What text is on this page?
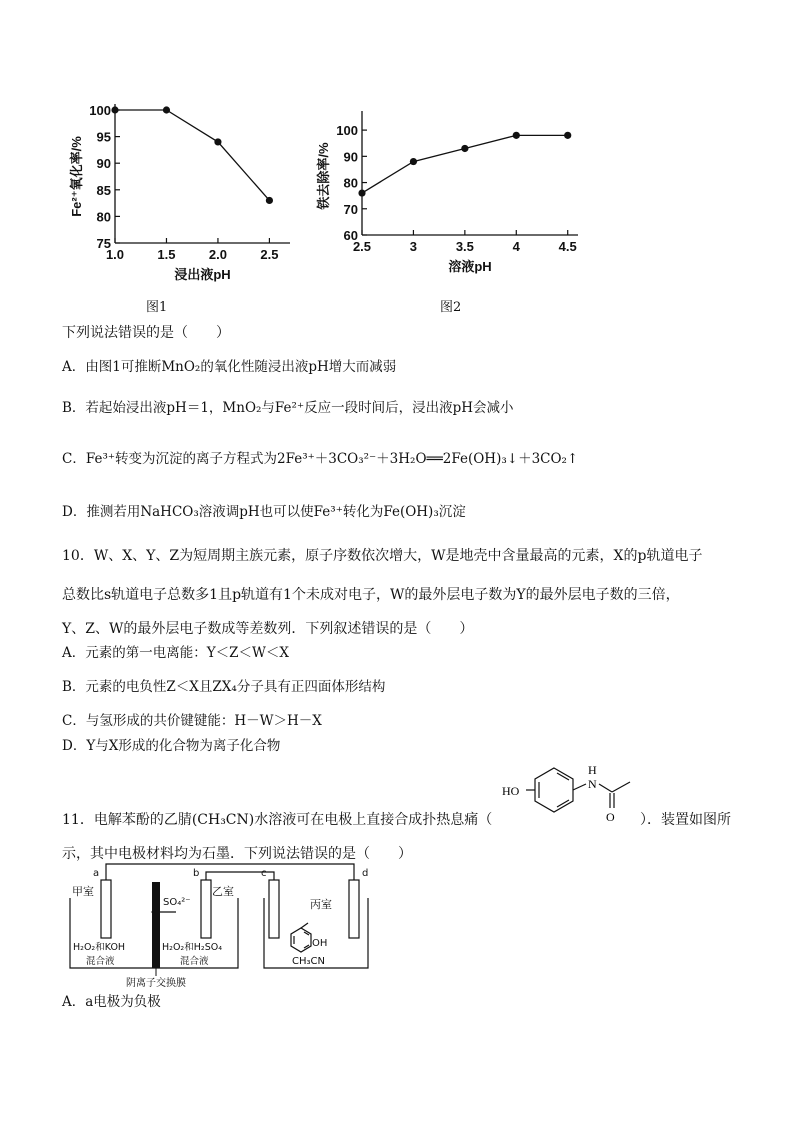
1.0	1.5	2.0	2.5
75
80
85
90
95
100
浸出液pH
Fe²⁺氧化率/%
2.5	3	3.5	4	4.5
60
70
80
90
100
溶液pH
铁去除率/%
图1	图2
下列说法错误的是（　　）
A．由图1可推断MnO₂的氧化性随浸出液pH增大而减弱
B．若起始浸出液pH＝1，MnO₂与Fe²⁺反应一段时间后，浸出液pH会减小
C．Fe³⁺转变为沉淀的离子方程式为2Fe³⁺＋3CO₃²⁻＋3H₂O══2Fe(OH)₃↓＋3CO₂↑
D．推测若用NaHCO₃溶液调pH也可以使Fe³⁺转化为Fe(OH)₃沉淀
10．W、X、Y、Z为短周期主族元素，原子序数依次增大，W是地壳中含量最高的元素，X的p轨道电子
总数比s轨道电子总数多1且p轨道有1个未成对电子，W的最外层电子数为Y的最外层电子数的三倍，
Y、Z、W的最外层电子数成等差数列．下列叙述错误的是（　　）
A．元素的第一电离能：Y＜Z＜W＜X
B．元素的电负性Z＜X且ZX₄分子具有正四面体形结构
C．与氢形成的共价键键能：H－W＞H－X
D．Y与X形成的化合物为离子化合物
HO	N
H
O
11．电解苯酚的乙腈(CH₃CN)水溶液可在电极上直接合成扑热息痛（	）．装置如图所
示，其中电极材料均为石墨．下列说法错误的是（　　）
a	b	c	d
甲室	乙室
丙室
SO₄²⁻
H₂O₂和KOH
混合液
H₂O₂和H₂SO₄
混合液
OH
CH₃CN
阴离子交换膜
A．a电极为负极
